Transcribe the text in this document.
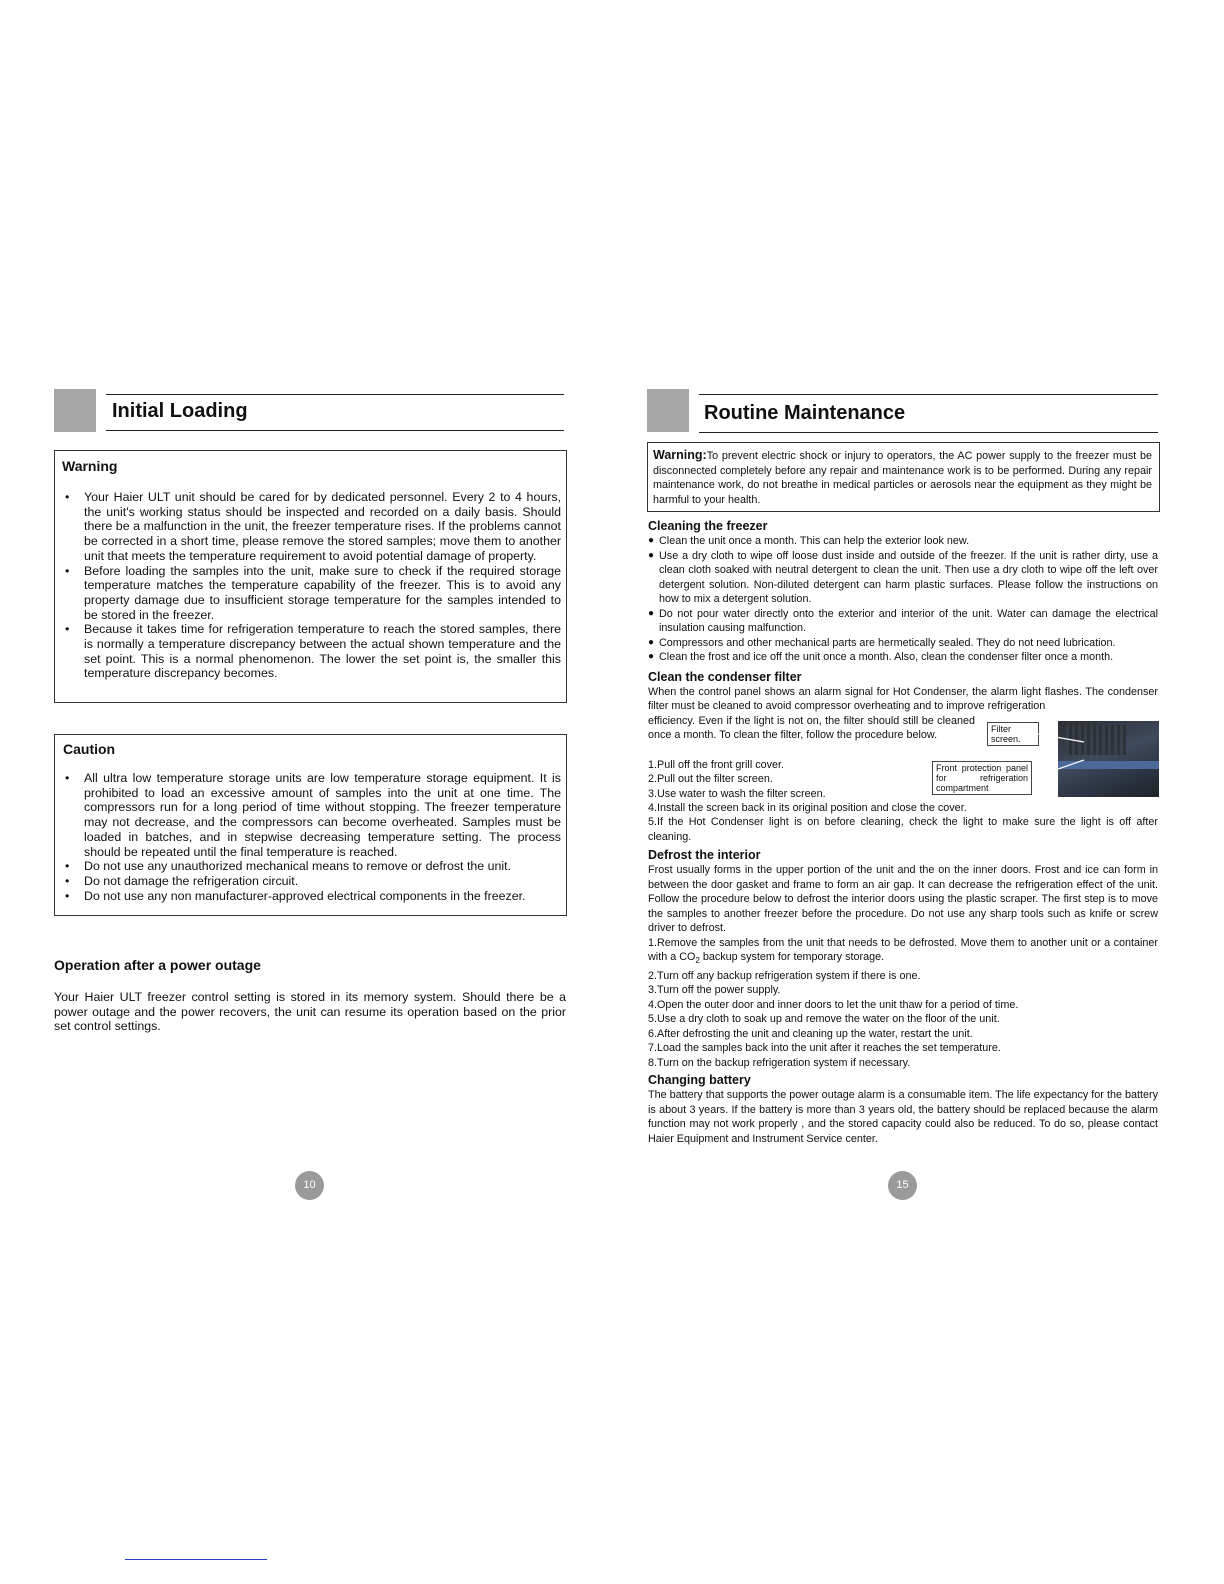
Initial Loading
Warning
• Your Haier ULT unit should be cared for by dedicated personnel. Every 2 to 4 hours, the unit's working status should be inspected and recorded on a daily basis. Should there be a malfunction in the unit, the freezer temperature rises. If the problems cannot be corrected in a short time, please remove the stored samples; move them to another unit that meets the temperature requirement to avoid potential damage of property.
• Before loading the samples into the unit, make sure to check if the required storage temperature matches the temperature capability of the freezer. This is to avoid any property damage due to insufficient storage temperature for the samples intended to be stored in the freezer.
• Because it takes time for refrigeration temperature to reach the stored samples, there is normally a temperature discrepancy between the actual shown temperature and the set point. This is a normal phenomenon. The lower the set point is, the smaller this temperature discrepancy becomes.
Caution
• All ultra low temperature storage units are low temperature storage equipment. It is prohibited to load an excessive amount of samples into the unit at one time. The compressors run for a long period of time without stopping. The freezer temperature may not decrease, and the compressors can become overheated. Samples must be loaded in batches, and in stepwise decreasing temperature setting. The process should be repeated until the final temperature is reached.
• Do not use any unauthorized mechanical means to remove or defrost the unit.
• Do not damage the refrigeration circuit.
• Do not use any non manufacturer-approved electrical components in the freezer.
Operation after a power outage
Your Haier ULT freezer control setting is stored in its memory system. Should there be a power outage and the power recovers, the unit can resume its operation based on the prior set control settings.
10
Routine Maintenance
Warning:To prevent electric shock or injury to operators, the AC power supply to the freezer must be disconnected completely before any repair and maintenance work is to be performed. During any repair maintenance work, do not breathe in medical particles or aerosols near the equipment as they might be harmful to your health.
Cleaning the freezer

● Clean the unit once a month. This can help the exterior look new.

● Use a dry cloth to wipe off loose dust inside and outside of the freezer. If the unit is rather dirty, use a clean cloth soaked with neutral detergent to clean the unit. Then use a dry cloth to wipe off the left over detergent solution. Non-diluted detergent can harm plastic surfaces. Please follow the instructions on how to mix a detergent solution.

● Do not pour water directly onto the exterior and interior of the unit. Water can damage the electrical insulation causing malfunction.

● Compressors and other mechanical parts are hermetically sealed. They do not need lubrication.

● Clean the frost and ice off the unit once a month. Also, clean the condenser filter once a month.

Clean the condenser filter

When the control panel shows an alarm signal for Hot Condenser, the alarm light flashes. The condenser filter must be cleaned to avoid compressor overheating and to improve refrigeration

efficiency. Even if the light is not on, the filter should still be cleaned once a month. To clean the filter, follow the procedure below.

1.Pull off the front grill cover.

2.Pull out the filter screen.

3.Use water to wash the filter screen.

Filter screen.
Front protection panel for refrigeration compartment

4.Install the screen back in its original position and close the cover.

5.If the Hot Condenser light is on before cleaning, check the light to make sure the light is off after cleaning.

Defrost the interior

Frost usually forms in the upper portion of the unit and the on the inner doors. Frost and ice can form in between the door gasket and frame to form an air gap. It can decrease the refrigeration effect of the unit. Follow the procedure below to defrost the interior doors using the plastic scraper. The first step is to move the samples to another freezer before the procedure. Do not use any sharp tools such as knife or screw driver to defrost.

1.Remove the samples from the unit that needs to be defrosted. Move them to another unit or a container with a $CO_2$ backup system for temporary storage.

2.Turn off any backup refrigeration system if there is one.

3.Turn off the power supply.

4.Open the outer door and inner doors to let the unit thaw for a period of time.

5.Use a dry cloth to soak up and remove the water on the floor of the unit.

6.After defrosting the unit and cleaning up the water, restart the unit.

7.Load the samples back into the unit after it reaches the set temperature.

8.Turn on the backup refrigeration system if necessary.

Changing battery

The battery that supports the power outage alarm is a consumable item. The life expectancy for the battery is about 3 years. If the battery is more than 3 years old, the battery should be replaced because the alarm function may not work properly , and the stored capacity could also be reduced. To do so, please contact Haier Equipment and Instrument Service center.

15
